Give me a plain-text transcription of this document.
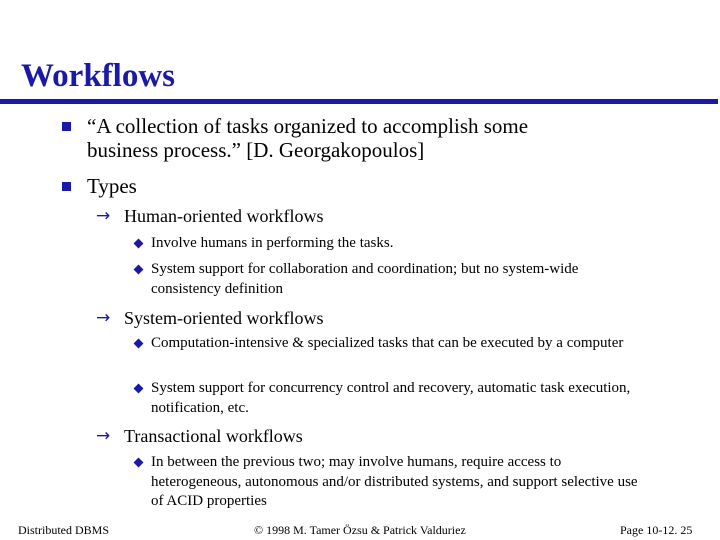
Workflows
“A collection of tasks organized to accomplish some
business process.” [D. Georgakopoulos]
Types
→ Human-oriented workflows
Involve humans in performing the tasks.
System support for collaboration and coordination; but no system-wide consistency definition
→ System-oriented workflows
Computation-intensive & specialized tasks that can be executed by a computer
System support for concurrency control and recovery, automatic task execution, notification, etc.
→ Transactional workflows
In between the previous two; may involve humans, require access to heterogeneous, autonomous and/or distributed systems, and support selective use of ACID properties
Distributed DBMS	© 1998 M. Tamer Özsu & Patrick Valduriez	Page 10-12. 25
